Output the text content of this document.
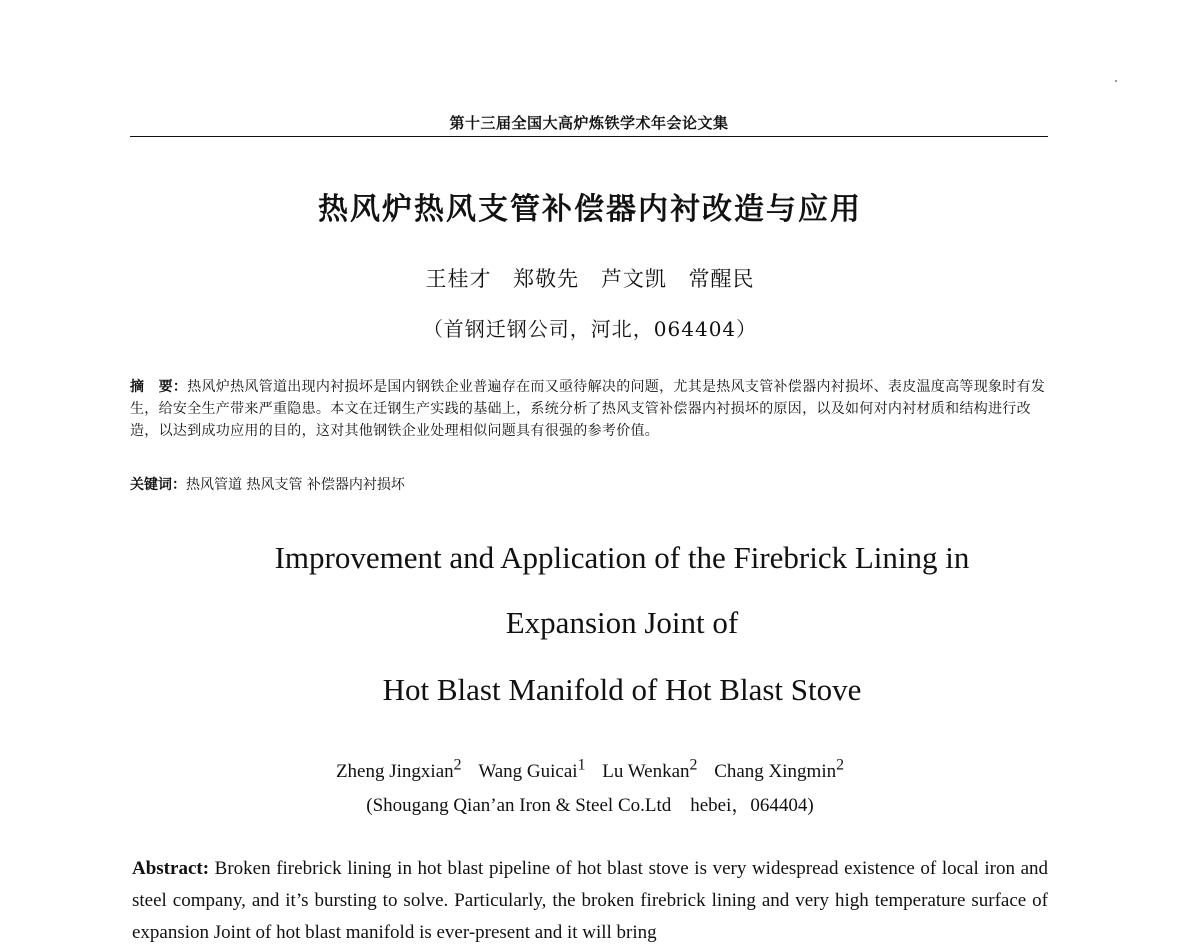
第十三届全国大高炉炼铁学术年会论文集
热风炉热风支管补偿器内衬改造与应用
王桂才 郑敬先 芦文凯 常醒民
（首钢迁钢公司，河北，064404）
摘　要：热风炉热风管道出现内衬损坏是国内钢铁企业普遍存在而又亟待解决的问题，尤其是热风支管补偿器内衬损坏、表皮温度高等现象时有发生，给安全生产带来严重隐患。本文在迁钢生产实践的基础上，系统分析了热风支管补偿器内衬损坏的原因，以及如何对内衬材质和结构进行改造，以达到成功应用的目的，这对其他钢铁企业处理相似问题具有很强的参考价值。
关键词：热风管道 热风支管 补偿器内衬损坏
Improvement and Application of the Firebrick Lining in
Expansion Joint of
Hot Blast Manifold of Hot Blast Stove
Zheng Jingxian$^2$ Wang Guicai$^1$ Lu Wenkan$^2$ Chang Xingmin$^2$
(Shougang Qian’an Iron & Steel Co.Ltd　hebei，064404)
Abstract: Broken firebrick lining in hot blast pipeline of hot blast stove is very widespread existence of local iron and steel company, and it’s bursting to solve. Particularly, the broken firebrick lining and very high temperature surface of expansion Joint of hot blast manifold is ever-present and it will bring
